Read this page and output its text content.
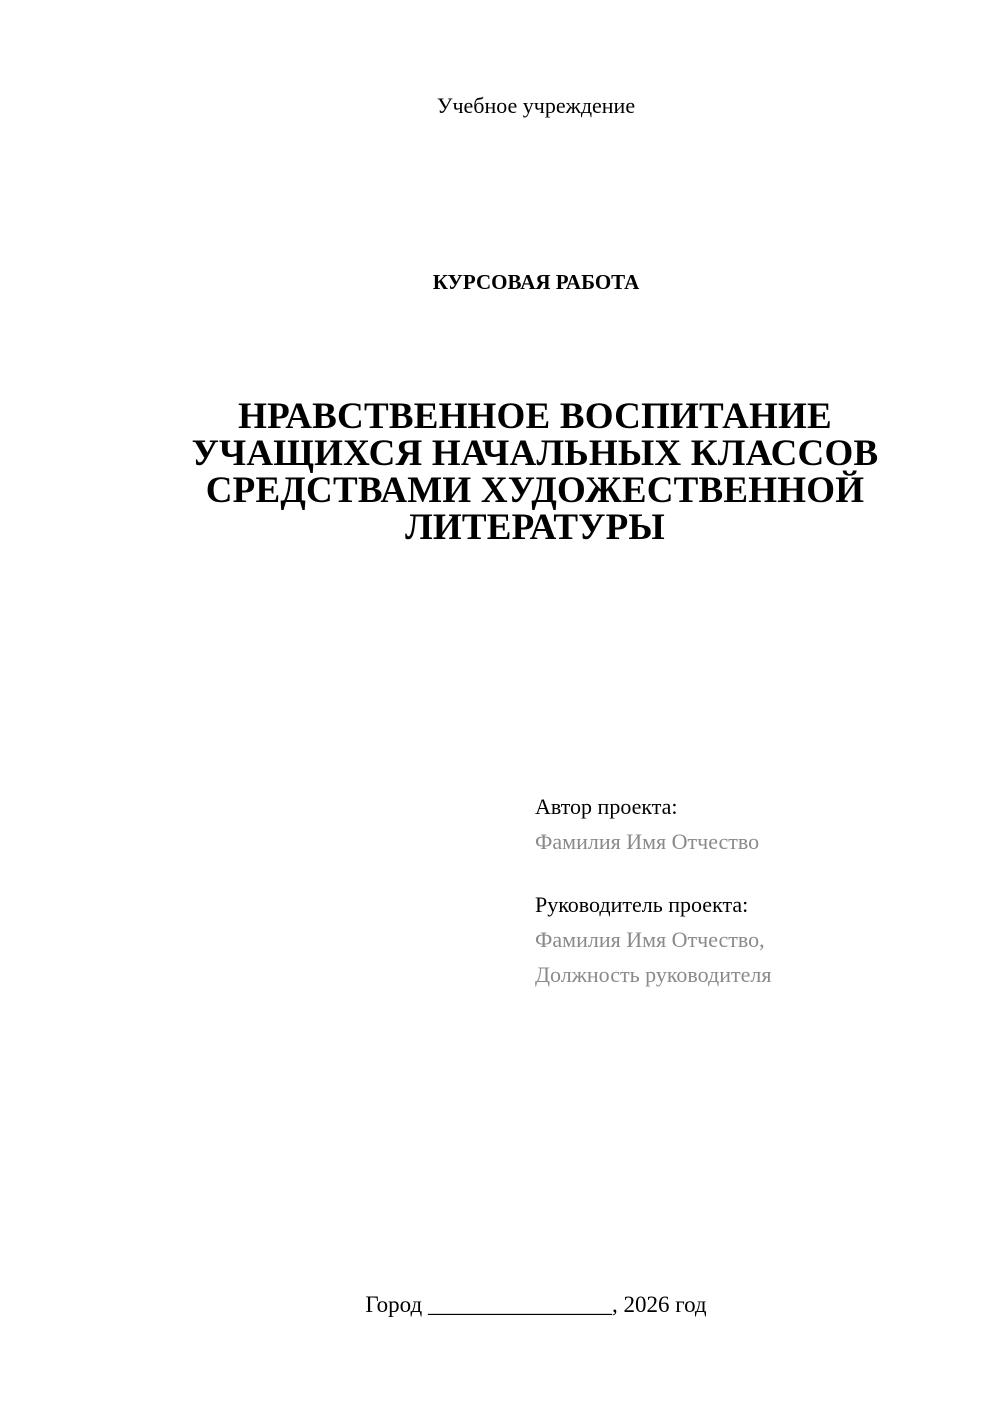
Учебное учреждение
КУРСОВАЯ РАБОТА
НРАВСТВЕННОЕ ВОСПИТАНИЕ
УЧАЩИХСЯ НАЧАЛЬНЫХ КЛАССОВ
СРЕДСТВАМИ ХУДОЖЕСТВЕННОЙ
ЛИТЕРАТУРЫ
Автор проекта:
Фамилия Имя Отчество
Руководитель проекта:
Фамилия Имя Отчество,
Должность руководителя
Город ________________, 2026 год
